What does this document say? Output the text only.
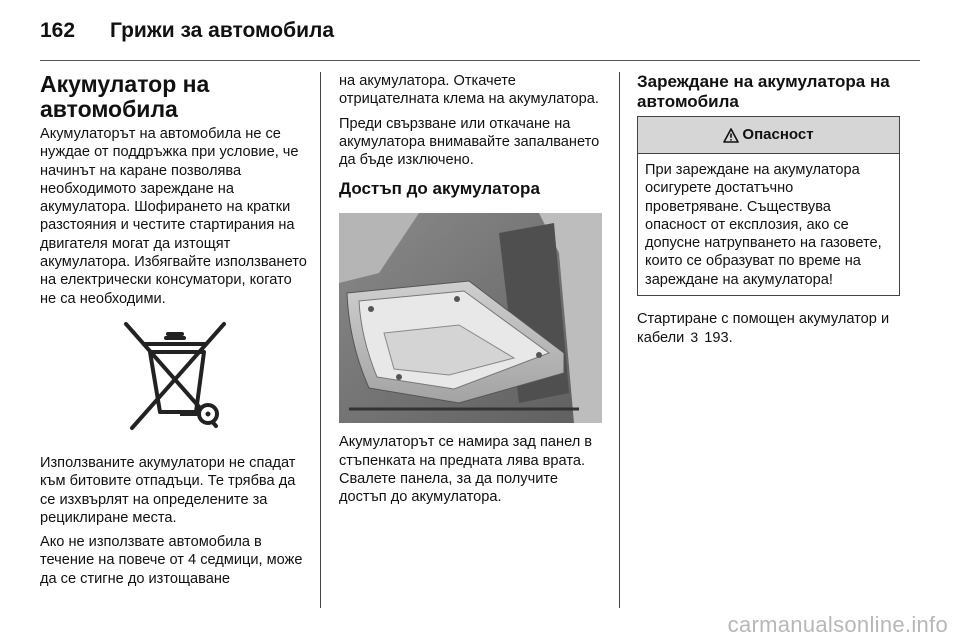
162	Грижи за автомобила
Акумулатор на автомобила

Акумулаторът на автомобила не се нуждае от поддръжка при условие, че начинът на каране позволява необходимото зареждане на акумулатора. Шофирането на кратки разстояния и честите стартирания на двигателя могат да изтощят акумулатора. Избягвайте използването на електрически консуматори, когато не са необходими.

Използваните акумулатори не спадат към битовите отпадъци. Те трябва да се изхвърлят на определените за рециклиране места.

Ако не използвате автомобила в течение на повече от 4 седмици, може да се стигне до изтощаване

на акумулатора. Откачете отрицателната клема на акумулатора.

Преди свързване или откачане на акумулатора внимавайте запалването да бъде изключено.

Достъп до акумулатора

Акумулаторът се намира зад панел в стъпенката на предната лява врата. Свалете панела, за да получите достъп до акумулатора.

Зареждане на акумулатора на автомобила
Опасност
При зареждане на акумулатора осигурете достатъчно проветряване. Съществува опасност от експлозия, ако се допусне натрупването на газовете, които се образуват по време на зареждане на акумулатора!

Стартиране с помощен акумулатор и кабели 3 193.

carmanualsonline.info
